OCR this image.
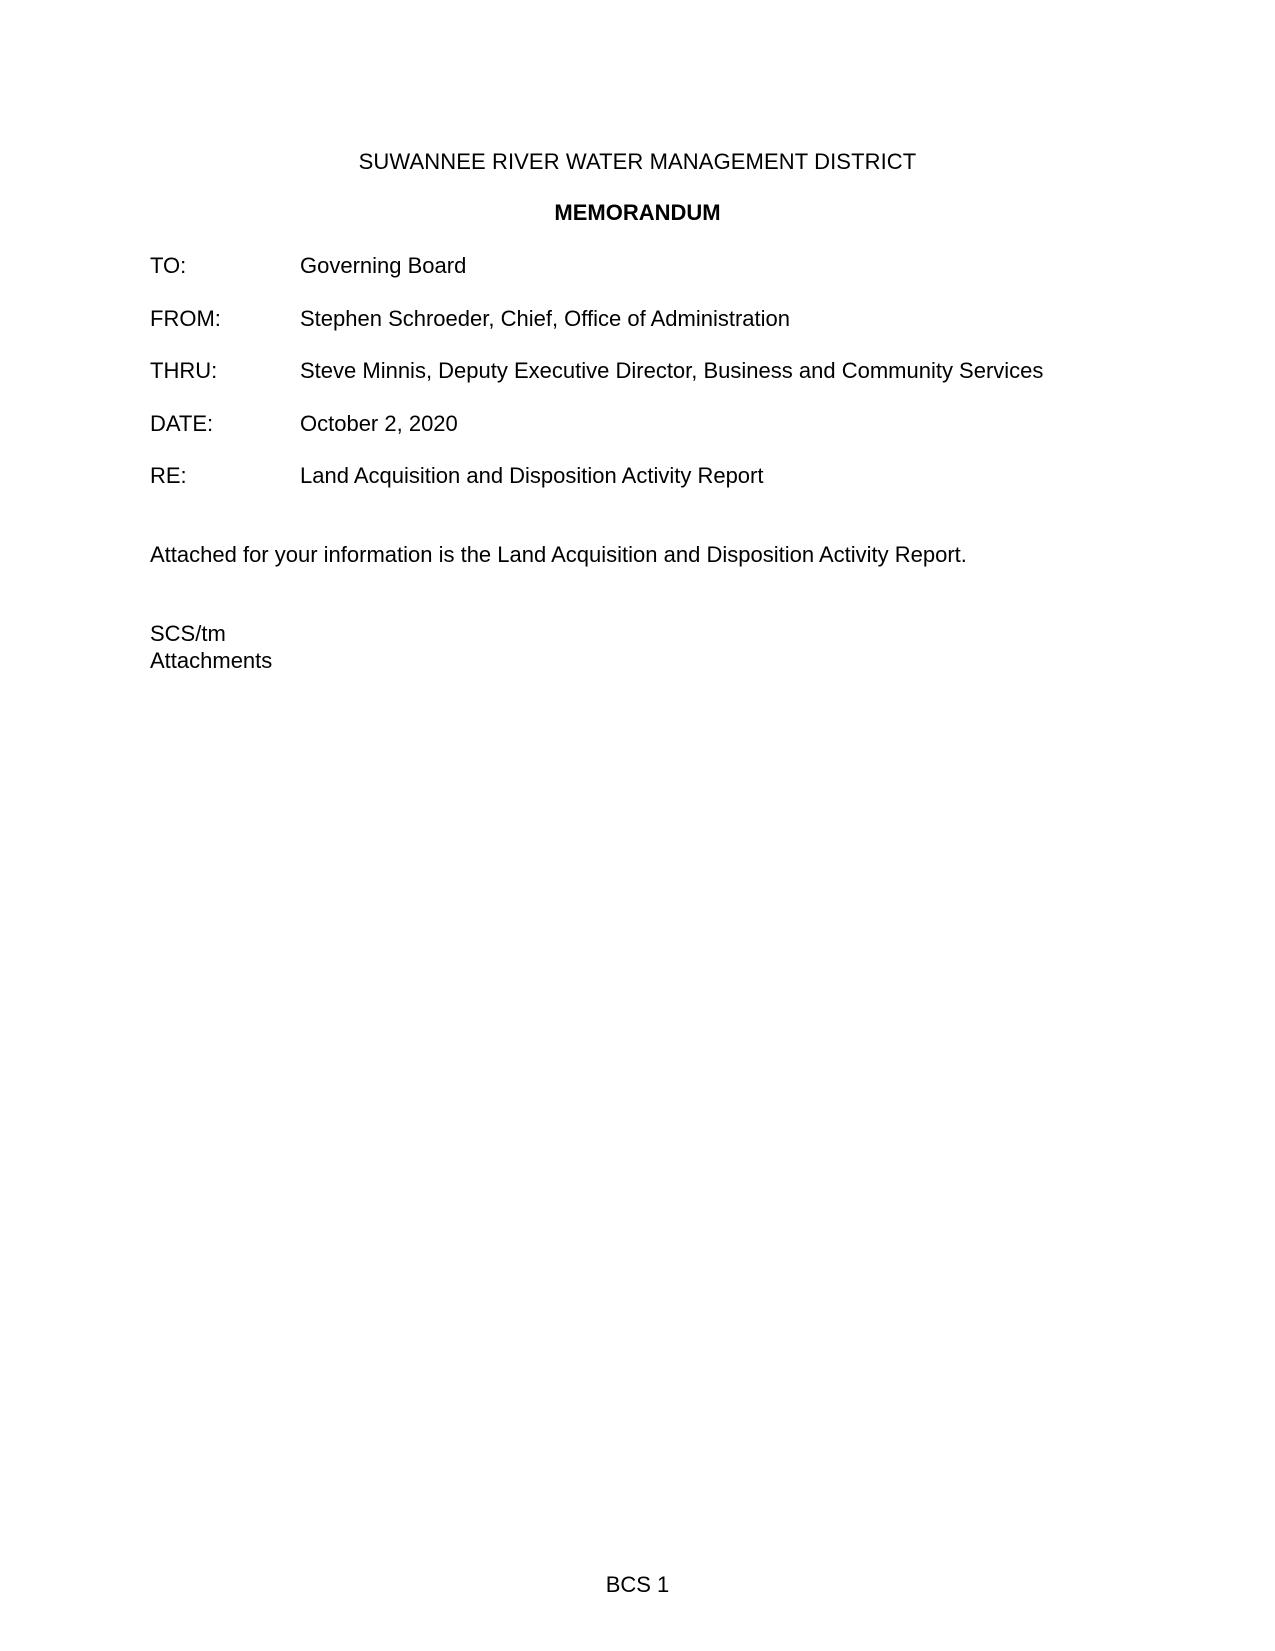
SUWANNEE RIVER WATER MANAGEMENT DISTRICT
MEMORANDUM
TO:	Governing Board
FROM:	Stephen Schroeder, Chief, Office of Administration
THRU:	Steve Minnis, Deputy Executive Director, Business and Community Services
DATE:	October 2, 2020
RE:	Land Acquisition and Disposition Activity Report
Attached for your information is the Land Acquisition and Disposition Activity Report.
SCS/tm
Attachments
BCS 1
